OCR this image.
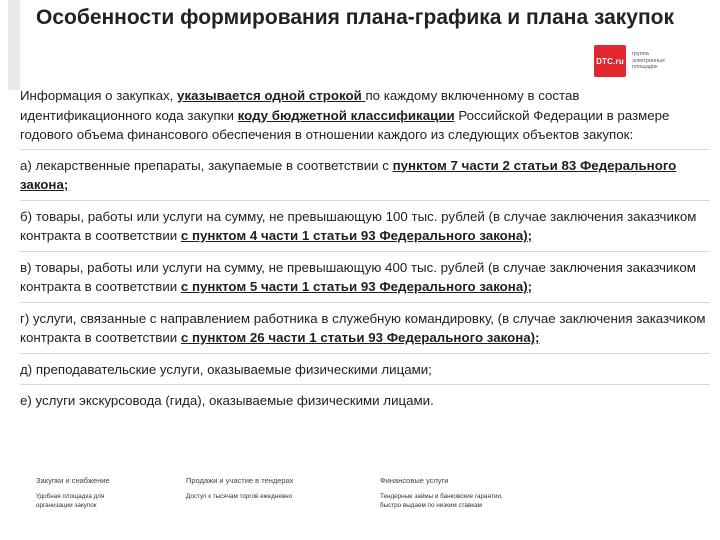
Особенности формирования плана-графика и плана закупок
DTC.ru
группа
электронных
площадок

Информация о закупках, указывается одной строкой по каждому включенному в состав идентификационного кода закупки коду бюджетной классификации Российской Федерации в размере годового объема финансового обеспечения в отношении каждого из следующих объектов закупок:

а) лекарственные препараты, закупаемые в соответствии с пунктом 7 части 2 статьи 83 Федерального закона;

б) товары, работы или услуги на сумму, не превышающую 100 тыс. рублей (в случае заключения заказчиком контракта в соответствии с пунктом 4 части 1 статьи 93 Федерального закона);

в) товары, работы или услуги на сумму, не превышающую 400 тыс. рублей (в случае заключения заказчиком контракта в соответствии с пунктом 5 части 1 статьи 93 Федерального закона);

г) услуги, связанные с направлением работника в служебную командировку, (в случае заключения заказчиком контракта в соответствии с пунктом 26 части 1 статьи 93 Федерального закона);

д) преподавательские услуги, оказываемые физическими лицами;

е) услуги экскурсовода (гида), оказываемые физическими лицами.

Закупки и снабжение
Удобная площадка для
организации закупок
Продажи и участие в тендерах
Доступ к тысячам торгов ежедневно
Финансовые услуги
Тендерные займы и банковские гарантии,
быстро выдаем по низким ставкам
